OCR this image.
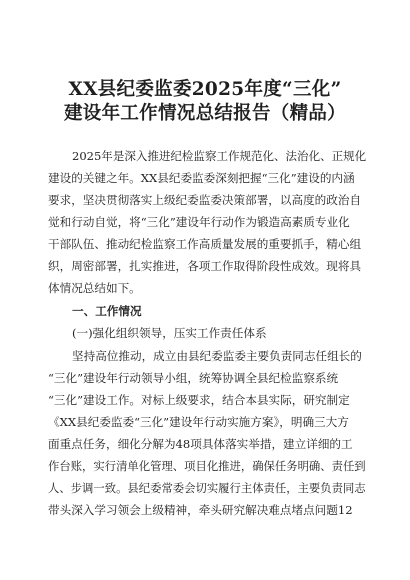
XX县纪委监委2025年度“三化”
建设年工作情况总结报告（精品）
2025年是深入推进纪检监察工作规范化、法治化、正规化
建设的关键之年。XX县纪委监委深刻把握“三化”建设的内涵
要求，坚决贯彻落实上级纪委监委决策部署，以高度的政治自
觉和行动自觉，将“三化”建设年行动作为锻造高素质专业化
干部队伍、推动纪检监察工作高质量发展的重要抓手，精心组
织，周密部署，扎实推进，各项工作取得阶段性成效。现将具
体情况总结如下。
一、工作情况
(一)强化组织领导，压实工作责任体系
坚持高位推动，成立由县纪委监委主要负责同志任组长的
“三化”建设年行动领导小组，统筹协调全县纪检监察系统
“三化”建设工作。对标上级要求，结合本县实际，研究制定
《XX县纪委监委“三化”建设年行动实施方案》，明确三大方
面重点任务，细化分解为48项具体落实举措，建立详细的工
作台账，实行清单化管理、项目化推进，确保任务明确、责任到
人、步调一致。县纪委常委会切实履行主体责任，主要负责同志
带头深入学习领会上级精神，牵头研究解决难点堵点问题12
